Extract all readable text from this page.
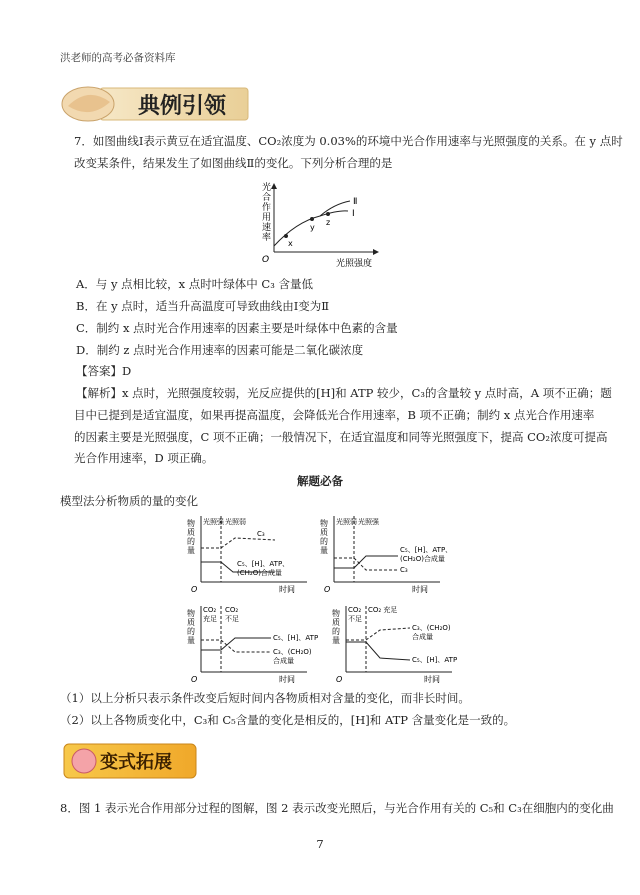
洪老师的高考必备资料库
典例引领
7．如图曲线Ⅰ表示黄豆在适宜温度、CO₂浓度为 0.03%的环境中光合作用速率与光照强度的关系。在 y 点时
改变某条件，结果发生了如图曲线Ⅱ的变化。下列分析合理的是
光
合
作
用
速
率
O	光照强度
Ⅱ
Ⅰ
x
y
z
A．与 y 点相比较，x 点时叶绿体中 C₃ 含量低
B．在 y 点时，适当升高温度可导致曲线由Ⅰ变为Ⅱ
C．制约 x 点时光合作用速率的因素主要是叶绿体中色素的含量
D．制约 z 点时光合作用速率的因素可能是二氧化碳浓度
【答案】D
【解析】x 点时，光照强度较弱，光反应提供的[H]和 ATP 较少，C₃的含量较 y 点时高，A 项不正确；题
目中已提到是适宜温度，如果再提高温度，会降低光合作用速率，B 项不正确；制约 x 点光合作用速率
的因素主要是光照强度，C 项不正确；一般情况下，在适宜温度和同等光照强度下，提高 CO₂浓度可提高
光合作用速率，D 项正确。
解题必备
模型法分析物质的量的变化
物
质
的
量
O	时间
光照强 光照弱
C₃
C₅、[H]、ATP、
(CH₂O)合成量
物
质
的
量
O	时间
光照弱 光照强
C₅、[H]、ATP、
(CH₂O)合成量
C₃
物
质
的
量
O	时间
CO₂
充足
CO₂
不足
C₅、[H]、ATP
C₃、(CH₂O)
合成量
物
质
的
量
O	时间
CO₂
不足
CO₂ 充足
C₃、(CH₂O)
合成量
C₅、[H]、ATP
（1）以上分析只表示条件改变后短时间内各物质相对含量的变化，而非长时间。
（2）以上各物质变化中，C₃和 C₅含量的变化是相反的，[H]和 ATP 含量变化是一致的。
变式拓展
8．图 1 表示光合作用部分过程的图解，图 2 表示改变光照后，与光合作用有关的 C₅和 C₃在细胞内的变化曲
7
